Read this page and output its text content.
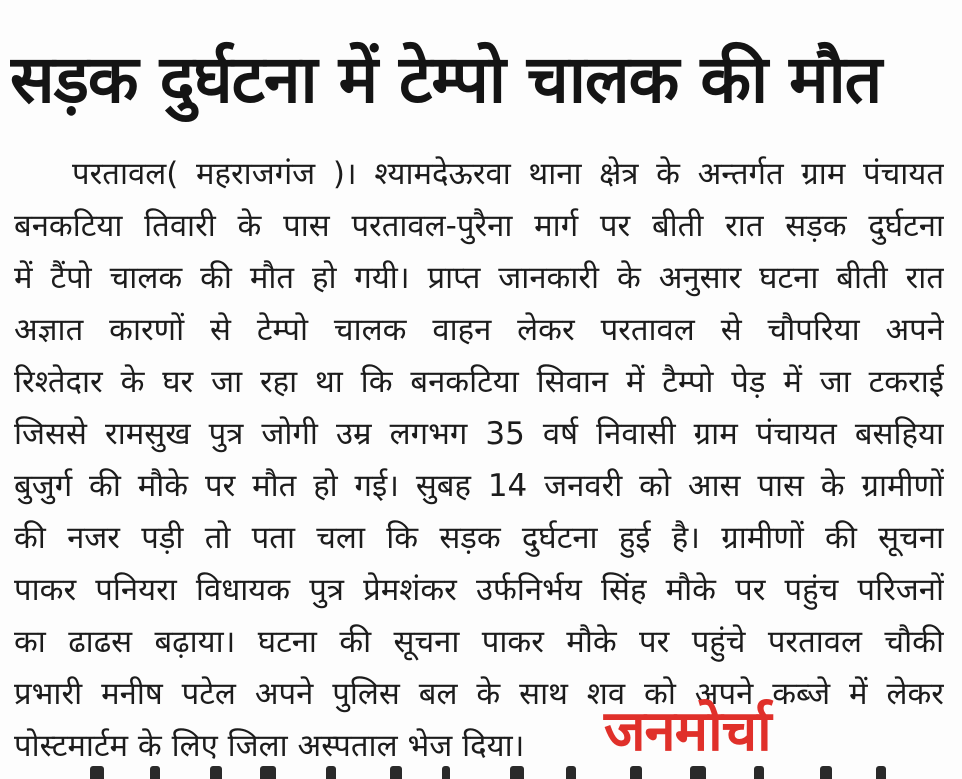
सड़क दुर्घटना में टेम्पो चालक की मौत
परतावल( महराजगंज )। श्यामदेऊरवा थाना क्षेत्र के अन्तर्गत ग्राम पंचायत
बनकटिया तिवारी के पास परतावल-पुरैना मार्ग पर बीती रात सड़क दुर्घटना
में टैंपो चालक की मौत हो गयी। प्राप्त जानकारी के अनुसार घटना बीती रात
अज्ञात कारणों से टेम्पो चालक वाहन लेकर परतावल से चौपरिया अपने
रिश्तेदार के घर जा रहा था कि बनकटिया सिवान में टैम्पो पेड़ में जा टकराई
जिससे रामसुख पुत्र जोगी उम्र लगभग 35 वर्ष निवासी ग्राम पंचायत बसहिया
बुजुर्ग की मौके पर मौत हो गई। सुबह 14 जनवरी को आस पास के ग्रामीणों
की नजर पड़ी तो पता चला कि सड़क दुर्घटना हुई है। ग्रामीणों की सूचना
पाकर पनियरा विधायक पुत्र प्रेमशंकर उर्फनिर्भय सिंह मौके पर पहुंच परिजनों
का ढाढस बढ़ाया। घटना की सूचना पाकर मौके पर पहुंचे परतावल चौकी
प्रभारी मनीष पटेल अपने पुलिस बल के साथ शव को अपने कब्जे में लेकर
पोस्टमार्टम के लिए जिला अस्पताल भेज दिया।	जनमोर्चा
